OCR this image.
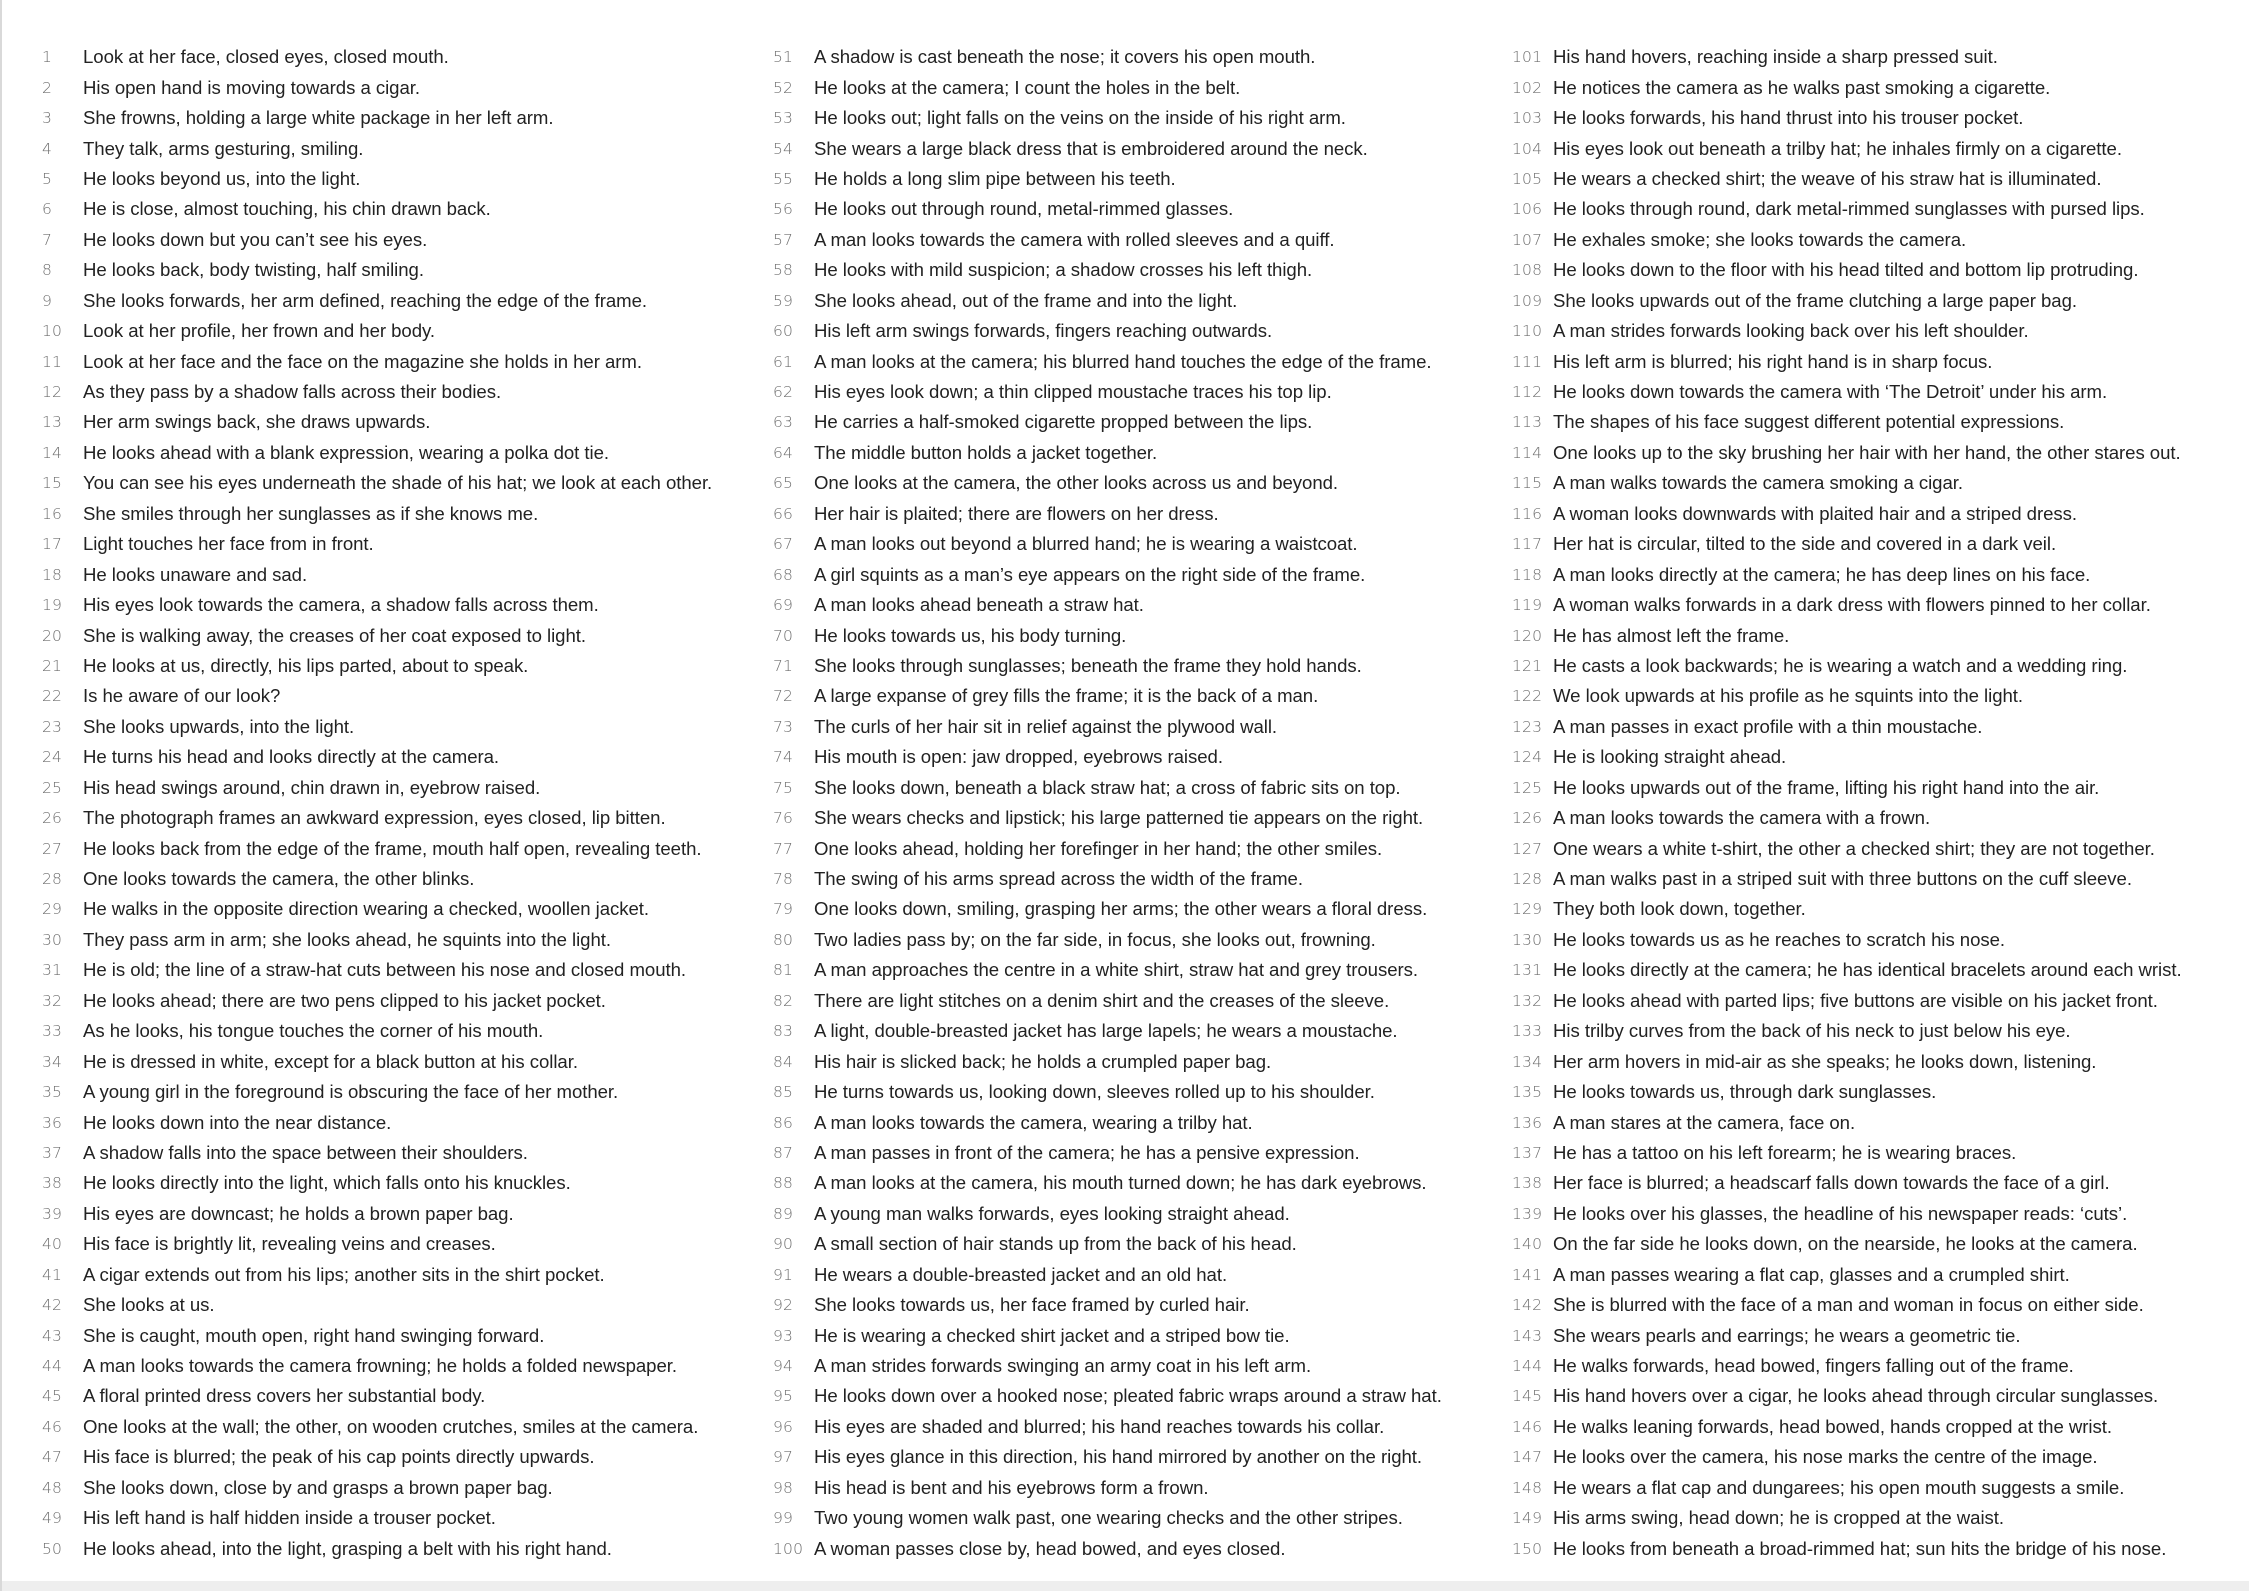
1	Look at her face, closed eyes, closed mouth.
2	His open hand is moving towards a cigar.
3	She frowns, holding a large white package in her left arm.
4	They talk, arms gesturing, smiling.
5	He looks beyond us, into the light.
6	He is close, almost touching, his chin drawn back.
7	He looks down but you can’t see his eyes.
8	He looks back, body twisting, half smiling.
9	She looks forwards, her arm defined, reaching the edge of the frame.
10	Look at her profile, her frown and her body.
11	Look at her face and the face on the magazine she holds in her arm.
12	As they pass by a shadow falls across their bodies.
13	Her arm swings back, she draws upwards.
14	He looks ahead with a blank expression, wearing a polka dot tie.
15	You can see his eyes underneath the shade of his hat; we look at each other.
16	She smiles through her sunglasses as if she knows me.
17	Light touches her face from in front.
18	He looks unaware and sad.
19	His eyes look towards the camera, a shadow falls across them.
20	She is walking away, the creases of her coat exposed to light.
21	He looks at us, directly, his lips parted, about to speak.
22	Is he aware of our look?
23	She looks upwards, into the light.
24	He turns his head and looks directly at the camera.
25	His head swings around, chin drawn in, eyebrow raised.
26	The photograph frames an awkward expression, eyes closed, lip bitten.
27	He looks back from the edge of the frame, mouth half open, revealing teeth.
28	One looks towards the camera, the other blinks.
29	He walks in the opposite direction wearing a checked, woollen jacket.
30	They pass arm in arm; she looks ahead, he squints into the light.
31	He is old; the line of a straw-hat cuts between his nose and closed mouth.
32	He looks ahead; there are two pens clipped to his jacket pocket.
33	As he looks, his tongue touches the corner of his mouth.
34	He is dressed in white, except for a black button at his collar.
35	A young girl in the foreground is obscuring the face of her mother.
36	He looks down into the near distance.
37	A shadow falls into the space between their shoulders.
38	He looks directly into the light, which falls onto his knuckles.
39	His eyes are downcast; he holds a brown paper bag.
40	His face is brightly lit, revealing veins and creases.
41	A cigar extends out from his lips; another sits in the shirt pocket.
42	She looks at us.
43	She is caught, mouth open, right hand swinging forward.
44	A man looks towards the camera frowning; he holds a folded newspaper.
45	A floral printed dress covers her substantial body.
46	One looks at the wall; the other, on wooden crutches, smiles at the camera.
47	His face is blurred; the peak of his cap points directly upwards.
48	She looks down, close by and grasps a brown paper bag.
49	His left hand is half hidden inside a trouser pocket.
50	He looks ahead, into the light, grasping a belt with his right hand.
51	A shadow is cast beneath the nose; it covers his open mouth.
52	He looks at the camera; I count the holes in the belt.
53	He looks out; light falls on the veins on the inside of his right arm.
54	She wears a large black dress that is embroidered around the neck.
55	He holds a long slim pipe between his teeth.
56	He looks out through round, metal-rimmed glasses.
57	A man looks towards the camera with rolled sleeves and a quiff.
58	He looks with mild suspicion; a shadow crosses his left thigh.
59	She looks ahead, out of the frame and into the light.
60	His left arm swings forwards, fingers reaching outwards.
61	A man looks at the camera; his blurred hand touches the edge of the frame.
62	His eyes look down; a thin clipped moustache traces his top lip.
63	He carries a half-smoked cigarette propped between the lips.
64	The middle button holds a jacket together.
65	One looks at the camera, the other looks across us and beyond.
66	Her hair is plaited; there are flowers on her dress.
67	A man looks out beyond a blurred hand; he is wearing a waistcoat.
68	A girl squints as a man’s eye appears on the right side of the frame.
69	A man looks ahead beneath a straw hat.
70	He looks towards us, his body turning.
71	She looks through sunglasses; beneath the frame they hold hands.
72	A large expanse of grey fills the frame; it is the back of a man.
73	The curls of her hair sit in relief against the plywood wall.
74	His mouth is open: jaw dropped, eyebrows raised.
75	She looks down, beneath a black straw hat; a cross of fabric sits on top.
76	She wears checks and lipstick; his large patterned tie appears on the right.
77	One looks ahead, holding her forefinger in her hand; the other smiles.
78	The swing of his arms spread across the width of the frame.
79	One looks down, smiling, grasping her arms; the other wears a floral dress.
80	Two ladies pass by; on the far side, in focus, she looks out, frowning.
81	A man approaches the centre in a white shirt, straw hat and grey trousers.
82	There are light stitches on a denim shirt and the creases of the sleeve.
83	A light, double-breasted jacket has large lapels; he wears a moustache.
84	His hair is slicked back; he holds a crumpled paper bag.
85	He turns towards us, looking down, sleeves rolled up to his shoulder.
86	A man looks towards the camera, wearing a trilby hat.
87	A man passes in front of the camera; he has a pensive expression.
88	A man looks at the camera, his mouth turned down; he has dark eyebrows.
89	A young man walks forwards, eyes looking straight ahead.
90	A small section of hair stands up from the back of his head.
91	He wears a double-breasted jacket and an old hat.
92	She looks towards us, her face framed by curled hair.
93	He is wearing a checked shirt jacket and a striped bow tie.
94	A man strides forwards swinging an army coat in his left arm.
95	He looks down over a hooked nose; pleated fabric wraps around a straw hat.
96	His eyes are shaded and blurred; his hand reaches towards his collar.
97	His eyes glance in this direction, his hand mirrored by another on the right.
98	His head is bent and his eyebrows form a frown.
99	Two young women walk past, one wearing checks and the other stripes.
100 A woman passes close by, head bowed, and eyes closed.
101 His hand hovers, reaching inside a sharp pressed suit.
102 He notices the camera as he walks past smoking a cigarette.
103 He looks forwards, his hand thrust into his trouser pocket.
104 His eyes look out beneath a trilby hat; he inhales firmly on a cigarette.
105 He wears a checked shirt; the weave of his straw hat is illuminated.
106 He looks through round, dark metal-rimmed sunglasses with pursed lips.
107 He exhales smoke; she looks towards the camera.
108 He looks down to the floor with his head tilted and bottom lip protruding.
109 She looks upwards out of the frame clutching a large paper bag.
110 A man strides forwards looking back over his left shoulder.
111 His left arm is blurred; his right hand is in sharp focus.
112 He looks down towards the camera with ‘The Detroit’ under his arm.
113 The shapes of his face suggest different potential expressions.
114 One looks up to the sky brushing her hair with her hand, the other stares out.
115 A man walks towards the camera smoking a cigar.
116 A woman looks downwards with plaited hair and a striped dress.
117 Her hat is circular, tilted to the side and covered in a dark veil.
118 A man looks directly at the camera; he has deep lines on his face.
119 A woman walks forwards in a dark dress with flowers pinned to her collar.
120 He has almost left the frame.
121 He casts a look backwards; he is wearing a watch and a wedding ring.
122 We look upwards at his profile as he squints into the light.
123 A man passes in exact profile with a thin moustache.
124 He is looking straight ahead.
125 He looks upwards out of the frame, lifting his right hand into the air.
126 A man looks towards the camera with a frown.
127 One wears a white t-shirt, the other a checked shirt; they are not together.
128 A man walks past in a striped suit with three buttons on the cuff sleeve.
129 They both look down, together.
130 He looks towards us as he reaches to scratch his nose.
131 He looks directly at the camera; he has identical bracelets around each wrist.
132 He looks ahead with parted lips; five buttons are visible on his jacket front.
133 His trilby curves from the back of his neck to just below his eye.
134 Her arm hovers in mid-air as she speaks; he looks down, listening.
135 He looks towards us, through dark sunglasses.
136 A man stares at the camera, face on.
137 He has a tattoo on his left forearm; he is wearing braces.
138 Her face is blurred; a headscarf falls down towards the face of a girl.
139 He looks over his glasses, the headline of his newspaper reads: ‘cuts’.
140 On the far side he looks down, on the nearside, he looks at the camera.
141 A man passes wearing a flat cap, glasses and a crumpled shirt.
142 She is blurred with the face of a man and woman in focus on either side.
143 She wears pearls and earrings; he wears a geometric tie.
144 He walks forwards, head bowed, fingers falling out of the frame.
145 His hand hovers over a cigar, he looks ahead through circular sunglasses.
146 He walks leaning forwards, head bowed, hands cropped at the wrist.
147 He looks over the camera, his nose marks the centre of the image.
148 He wears a flat cap and dungarees; his open mouth suggests a smile.
149 His arms swing, head down; he is cropped at the waist.
150 He looks from beneath a broad-rimmed hat; sun hits the bridge of his nose.
